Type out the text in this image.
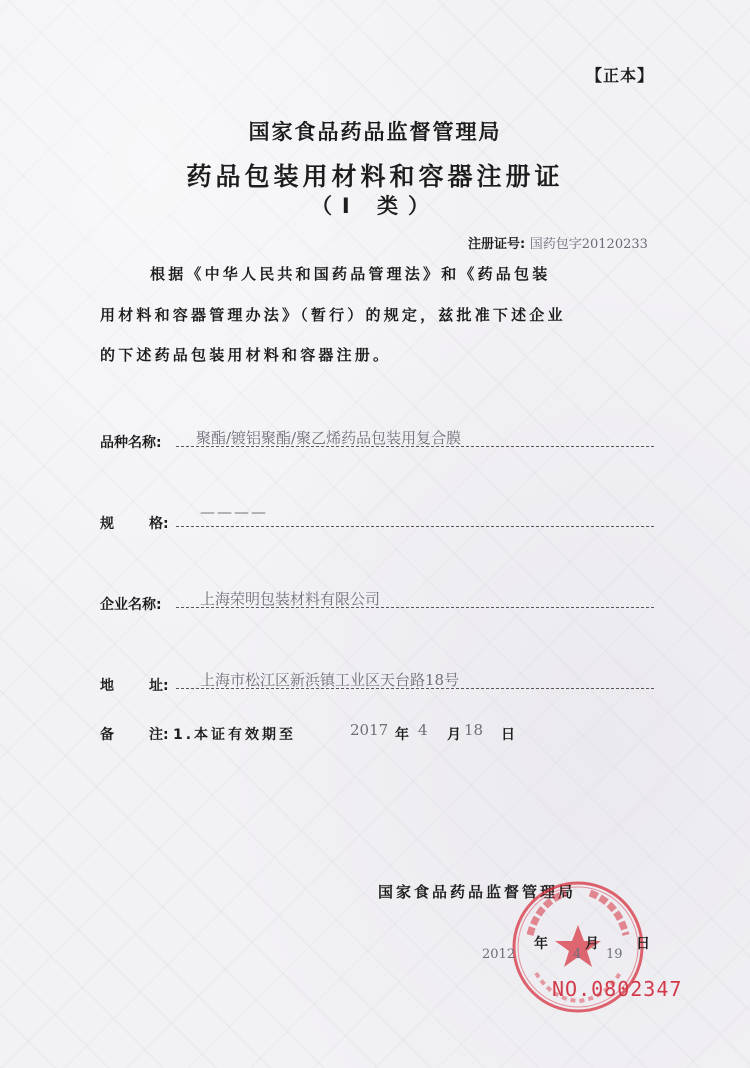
【正本】
国家食品药品监督管理局
药品包装用材料和容器注册证
（Ⅰ 类）
注册证号: 国药包字20120233
根据《中华人民共和国药品管理法》和《药品包装
用材料和容器管理办法》（暂行）的规定，兹批准下述企业
的下述药品包装用材料和容器注册。
品种名称: 聚酯/镀铝聚酯/聚乙烯药品包装用复合膜
规	格:
————
企业名称:	上海荣明包装材料有限公司
地	址: 上海市松江区新浜镇工业区天台路18号
备	注: 1.本证有效期至	2017 年 4 月 18 日
国家食品药品监督管理局
年	月	日
2012	4 19
NO.0802347
